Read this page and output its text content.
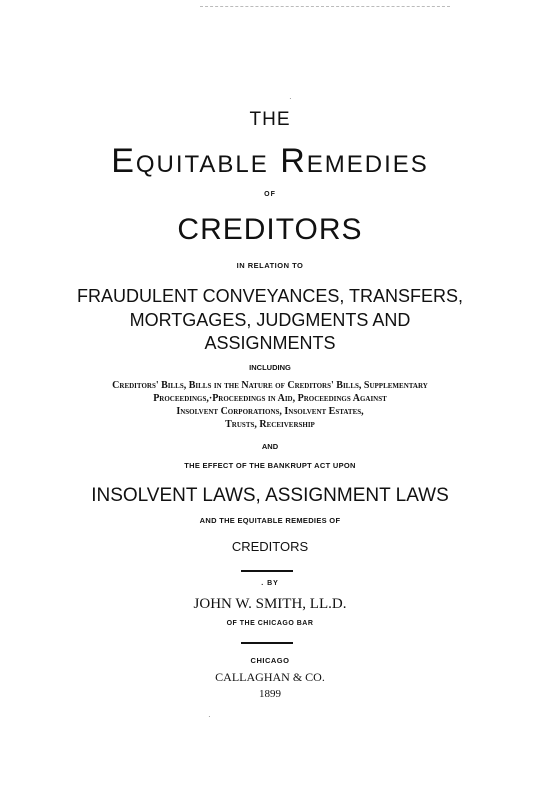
·
THE
Equitable Remedies
OF
CREDITORS
IN RELATION TO
FRAUDULENT CONVEYANCES, TRANSFERS,
MORTGAGES, JUDGMENTS AND
ASSIGNMENTS
INCLUDING
Creditors' Bills, Bills in the Nature of Creditors' Bills, Supplementary
Proceedings,·Proceedings in Aid, Proceedings Against
Insolvent Corporations, Insolvent Estates,
Trusts, Receivership
AND
THE EFFECT OF THE BANKRUPT ACT UPON
INSOLVENT LAWS, ASSIGNMENT LAWS
AND THE EQUITABLE REMEDIES OF
CREDITORS
. BY
JOHN W. SMITH, LL.D.
OF THE CHICAGO BAR
CHICAGO
CALLAGHAN & CO.
1899
·
